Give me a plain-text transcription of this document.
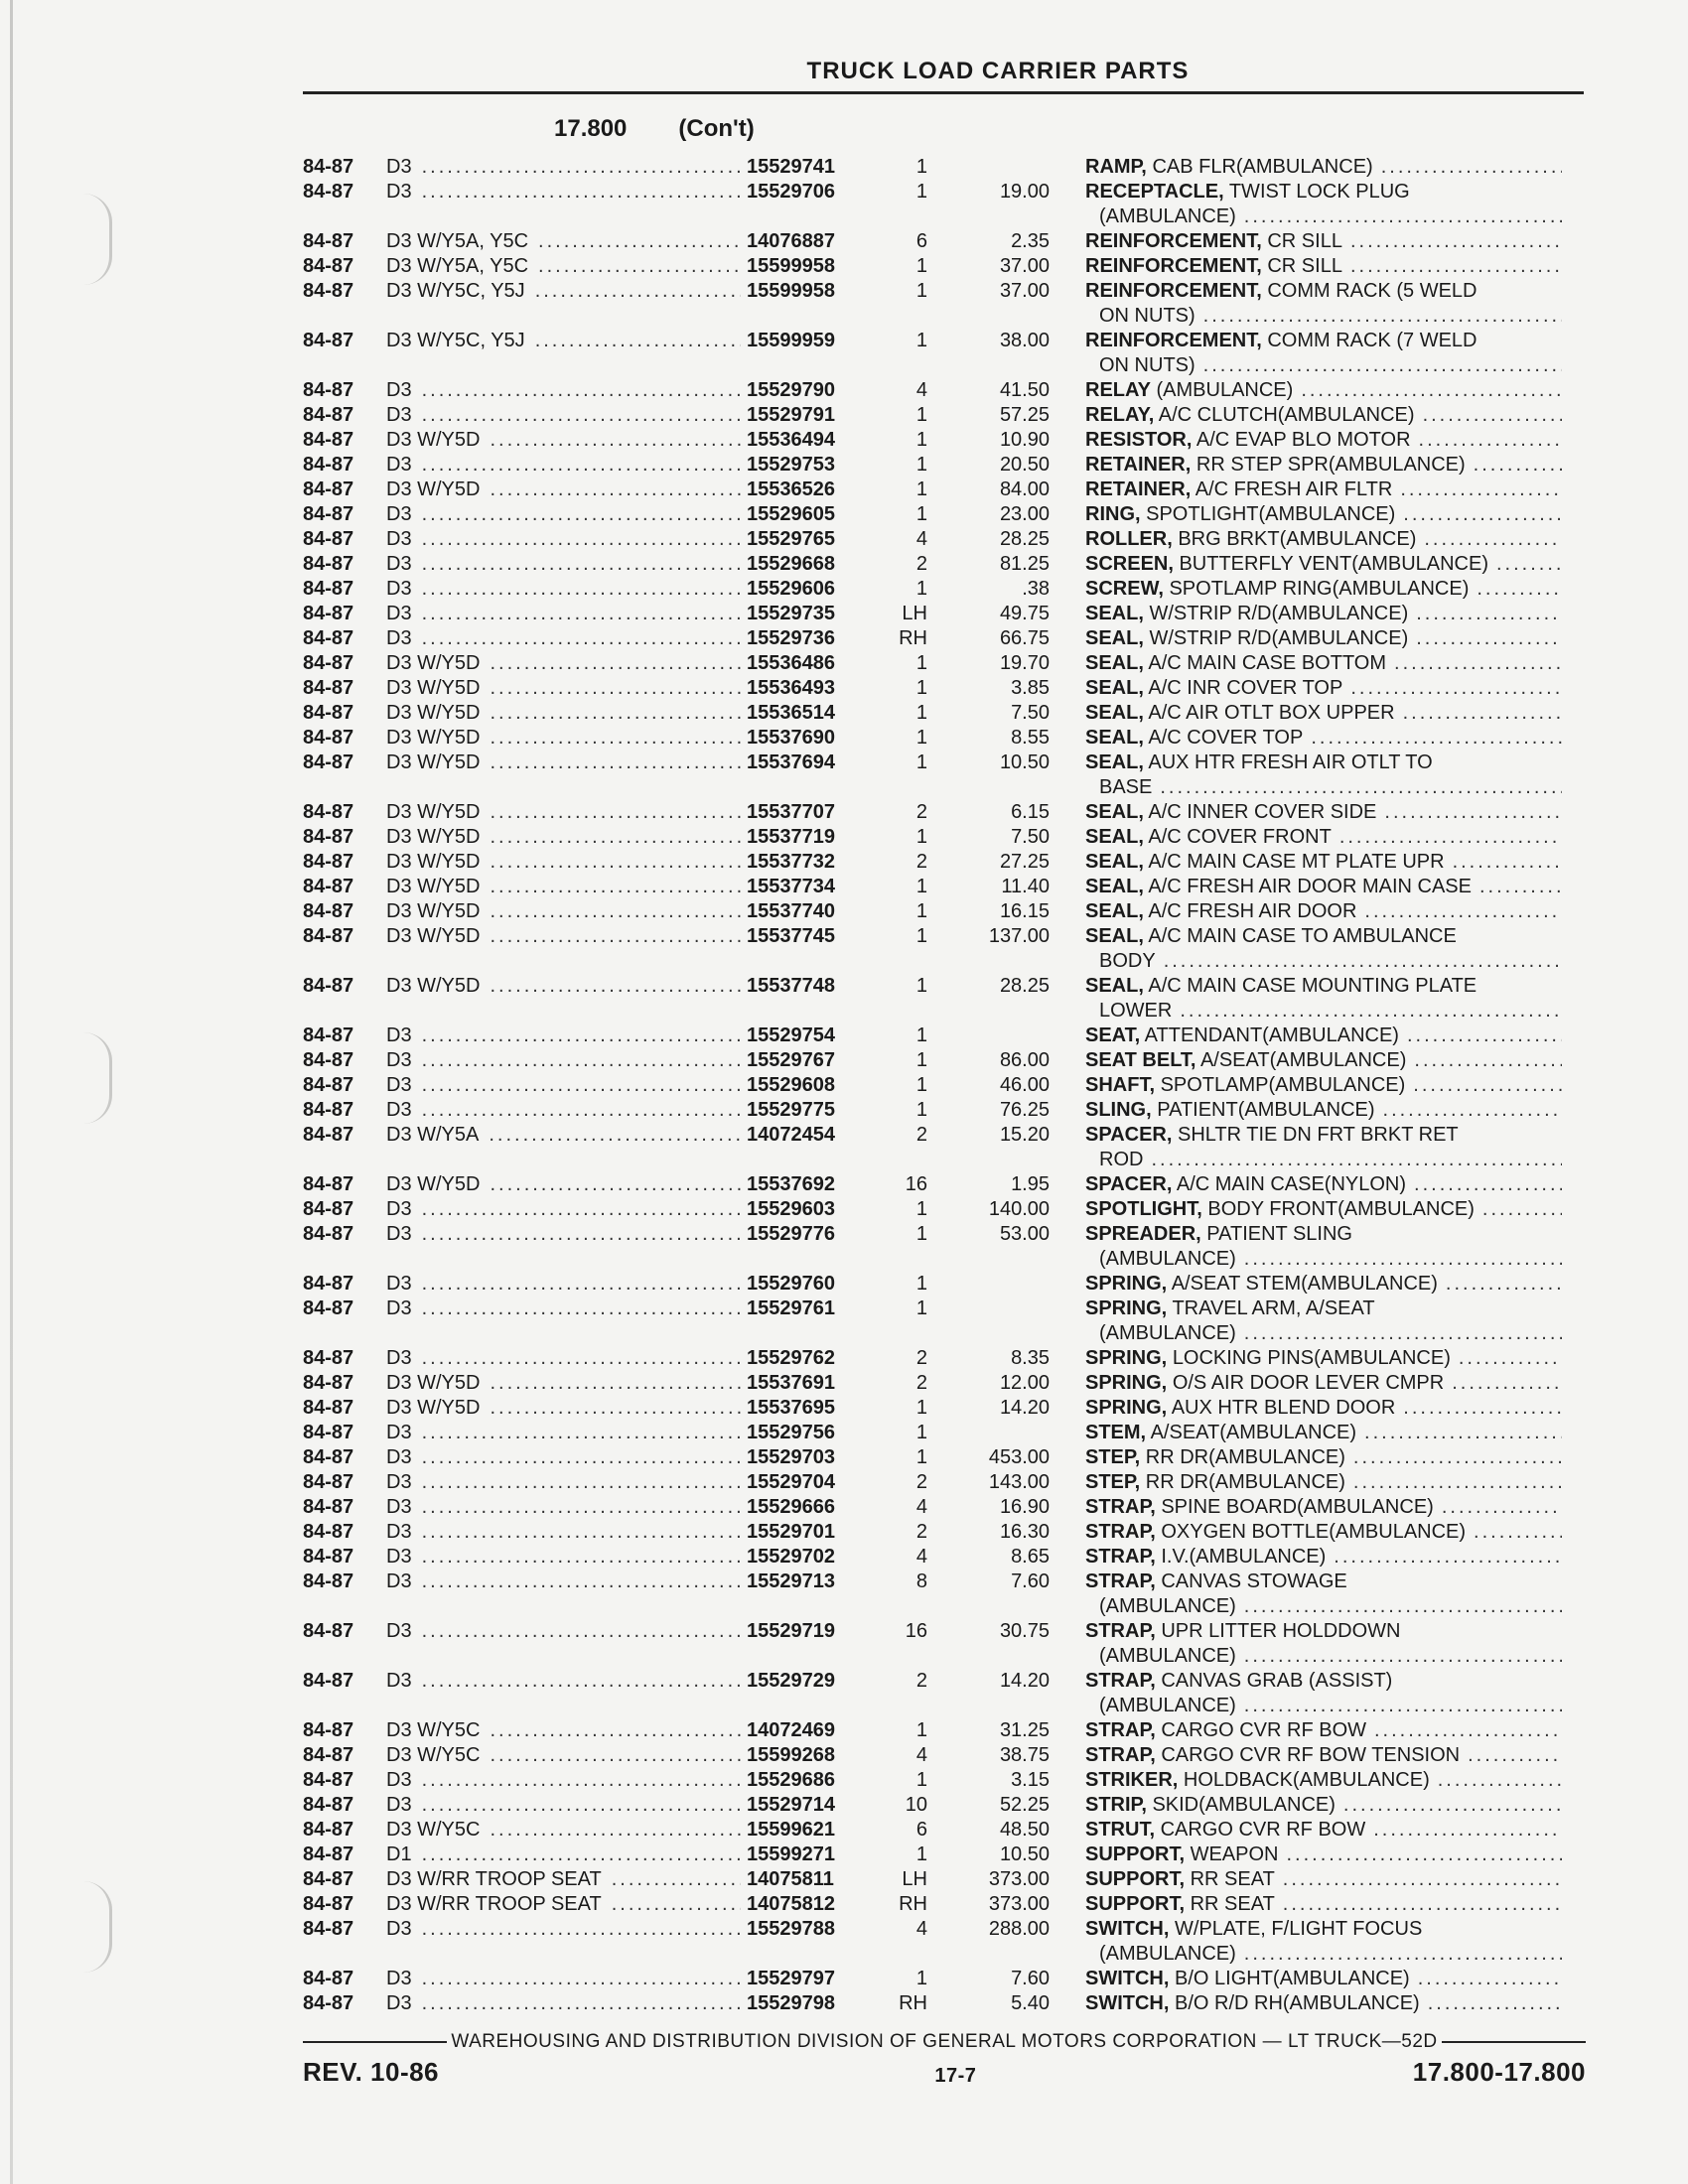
TRUCK LOAD CARRIER PARTS
17.800 (Con't)
84-87	D3 .....	15529741	1	RAMP, CAB FLR(AMBULANCE)
.....
84-87	D3 .....	15529706	1	19.00 RECEPTACLE, TWIST LOCK PLUG
(AMBULANCE)
.....
84-87	D3 W/Y5A, Y5C .....	14076887	6	2.35 REINFORCEMENT, CR SILL
.....
84-87	D3 W/Y5A, Y5C .....	15599958	1	37.00 REINFORCEMENT, CR SILL
.....
84-87	D3 W/Y5C, Y5J .....	15599958	1	37.00 REINFORCEMENT, COMM RACK (5 WELD
ON NUTS)
.....
84-87	D3 W/Y5C, Y5J .....	15599959	1	38.00 REINFORCEMENT, COMM RACK (7 WELD
ON NUTS)
.....
84-87	D3 .....	15529790	4	41.50 RELAY (AMBULANCE)
.....
84-87	D3 .....	15529791	1	57.25 RELAY, A/C CLUTCH(AMBULANCE)
.....
84-87	D3 W/Y5D .....	15536494	1	10.90 RESISTOR, A/C EVAP BLO MOTOR
.....
84-87	D3 .....	15529753	1	20.50 RETAINER, RR STEP SPR(AMBULANCE)
.....
84-87	D3 W/Y5D .....	15536526	1	84.00 RETAINER, A/C FRESH AIR FLTR
.....
84-87	D3 .....	15529605	1	23.00 RING, SPOTLIGHT(AMBULANCE)
.....
84-87	D3 .....	15529765	4	28.25 ROLLER, BRG BRKT(AMBULANCE)
.....
84-87	D3 .....	15529668	2	81.25 SCREEN, BUTTERFLY VENT(AMBULANCE)
.....
84-87	D3 .....	15529606	1	.38 SCREW, SPOTLAMP RING(AMBULANCE)
.....
84-87	D3 .....	15529735	LH	49.75 SEAL, W/STRIP R/D(AMBULANCE)
.....
84-87	D3 .....	15529736	RH	66.75 SEAL, W/STRIP R/D(AMBULANCE)
.....
84-87	D3 W/Y5D .....	15536486	1	19.70 SEAL, A/C MAIN CASE BOTTOM
.....
84-87	D3 W/Y5D .....	15536493	1	3.85 SEAL, A/C INR COVER TOP
.....
84-87	D3 W/Y5D .....	15536514	1	7.50 SEAL, A/C AIR OTLT BOX UPPER
.....
84-87	D3 W/Y5D .....	15537690	1	8.55 SEAL, A/C COVER TOP
.....
84-87	D3 W/Y5D .....	15537694	1	10.50 SEAL, AUX HTR FRESH AIR OTLT TO
BASE
.....
84-87	D3 W/Y5D .....	15537707	2	6.15 SEAL, A/C INNER COVER SIDE
.....
84-87	D3 W/Y5D .....	15537719	1	7.50 SEAL, A/C COVER FRONT
.....
84-87	D3 W/Y5D .....	15537732	2	27.25 SEAL, A/C MAIN CASE MT PLATE UPR
.....
84-87	D3 W/Y5D .....	15537734	1	11.40 SEAL, A/C FRESH AIR DOOR MAIN CASE
.....
84-87	D3 W/Y5D .....	15537740	1	16.15 SEAL, A/C FRESH AIR DOOR
.....
84-87	D3 W/Y5D .....	15537745	1	137.00 SEAL, A/C MAIN CASE TO AMBULANCE
BODY
.....
84-87	D3 W/Y5D .....	15537748	1	28.25 SEAL, A/C MAIN CASE MOUNTING PLATE
LOWER
.....
84-87	D3 .....	15529754	1	SEAT, ATTENDANT(AMBULANCE)
.....
84-87	D3 .....	15529767	1	86.00 SEAT BELT, A/SEAT(AMBULANCE)
.....
84-87	D3 .....	15529608	1	46.00 SHAFT, SPOTLAMP(AMBULANCE)
.....
84-87	D3 .....	15529775	1	76.25 SLING, PATIENT(AMBULANCE)
.....
84-87	D3 W/Y5A .....	14072454	2	15.20 SPACER, SHLTR TIE DN FRT BRKT RET
ROD
.....
84-87	D3 W/Y5D .....	15537692	16	1.95 SPACER, A/C MAIN CASE(NYLON)
.....
84-87	D3 .....	15529603	1	140.00 SPOTLIGHT, BODY FRONT(AMBULANCE)
.....
84-87	D3 .....	15529776	1	53.00 SPREADER, PATIENT SLING
(AMBULANCE)
.....
84-87	D3 .....	15529760	1	SPRING, A/SEAT STEM(AMBULANCE)
.....
84-87	D3 .....	15529761	1	SPRING, TRAVEL ARM, A/SEAT
(AMBULANCE)
.....
84-87	D3 .....	15529762	2	8.35 SPRING, LOCKING PINS(AMBULANCE)
.....
84-87	D3 W/Y5D .....	15537691	2	12.00 SPRING, O/S AIR DOOR LEVER CMPR
.....
84-87	D3 W/Y5D .....	15537695	1	14.20 SPRING, AUX HTR BLEND DOOR
.....
84-87	D3 .....	15529756	1	STEM, A/SEAT(AMBULANCE)
.....
84-87	D3 .....	15529703	1	453.00 STEP, RR DR(AMBULANCE)
.....
84-87	D3 .....	15529704	2	143.00 STEP, RR DR(AMBULANCE)
.....
84-87	D3 .....	15529666	4	16.90 STRAP, SPINE BOARD(AMBULANCE)
.....
84-87	D3 .....	15529701	2	16.30 STRAP, OXYGEN BOTTLE(AMBULANCE)
.....
84-87	D3 .....	15529702	4	8.65 STRAP, I.V.(AMBULANCE)
.....
84-87	D3 .....	15529713	8	7.60 STRAP, CANVAS STOWAGE
(AMBULANCE)
.....
84-87	D3 .....	15529719	16	30.75 STRAP, UPR LITTER HOLDDOWN
(AMBULANCE)
.....
84-87	D3 .....	15529729	2	14.20 STRAP, CANVAS GRAB (ASSIST)
(AMBULANCE)
.....
84-87	D3 W/Y5C .....	14072469	1	31.25 STRAP, CARGO CVR RF BOW
.....
84-87	D3 W/Y5C .....	15599268	4	38.75 STRAP, CARGO CVR RF BOW TENSION
.....
84-87	D3 .....	15529686	1	3.15 STRIKER, HOLDBACK(AMBULANCE)
.....
84-87	D3 .....	15529714	10	52.25 STRIP, SKID(AMBULANCE)
.....
84-87	D3 W/Y5C .....	15599621	6	48.50 STRUT, CARGO CVR RF BOW
.....
84-87	D1 .....	15599271	1	10.50 SUPPORT, WEAPON
.....
84-87	D3 W/RR TROOP SEAT .....	14075811	LH	373.00 SUPPORT, RR SEAT
.....
84-87	D3 W/RR TROOP SEAT .....	14075812	RH	373.00 SUPPORT, RR SEAT
.....
84-87	D3 .....	15529788	4	288.00 SWITCH, W/PLATE, F/LIGHT FOCUS
(AMBULANCE)
.....
84-87	D3 .....	15529797	1	7.60 SWITCH, B/O LIGHT(AMBULANCE)
.....
84-87	D3 .....	15529798	RH	5.40 SWITCH, B/O R/D RH(AMBULANCE)
.....
WAREHOUSING AND DISTRIBUTION DIVISION OF GENERAL MOTORS CORPORATION — LT TRUCK—52D
REV. 10-86	17-7	17.800-17.800
